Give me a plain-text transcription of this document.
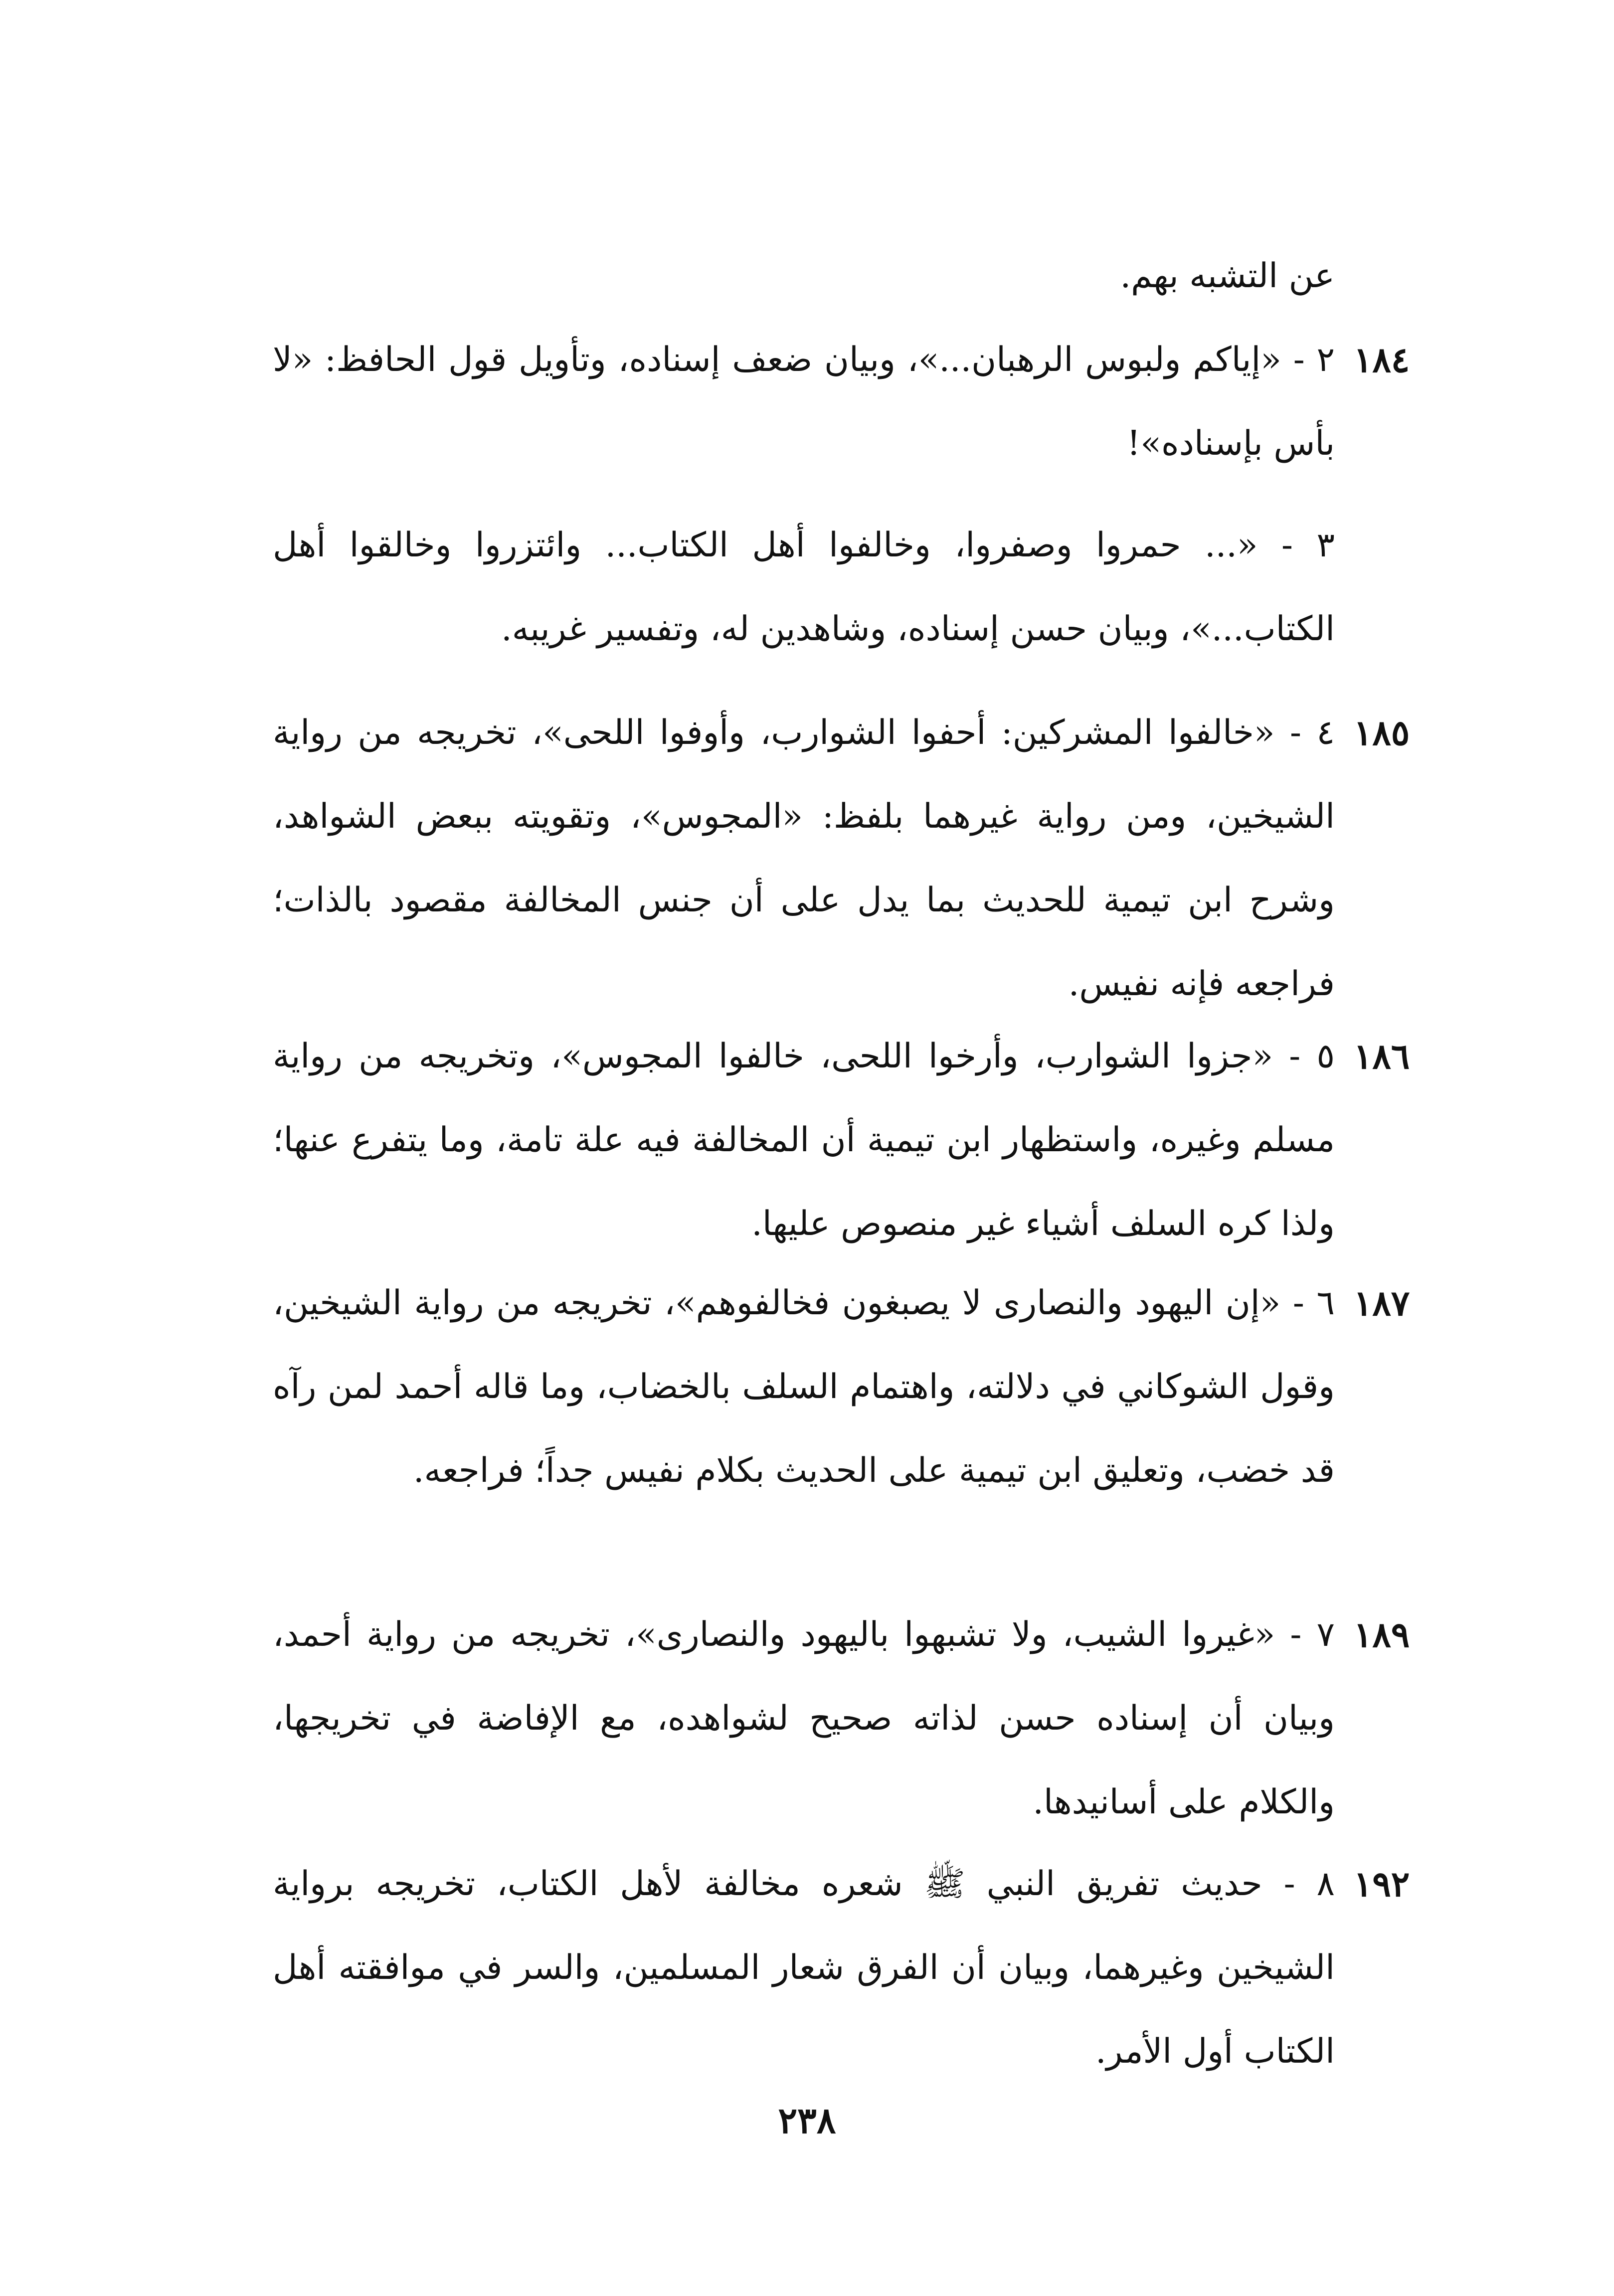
عن التشبه بهم.

١٨٤

٢ - «إياكم ولبوس الرهبان...»، وبيان ضعف إسناده، وتأويل قول الحافظ: «لا بأس بإسناده»!

٣ - «... حمروا وصفروا، وخالفوا أهل الكتاب... وائتزروا وخالقوا أهل الكتاب...»، وبيان حسن إسناده، وشاهدين له، وتفسير غريبه.

١٨٥

٤ - «خالفوا المشركين: أحفوا الشوارب، وأوفوا اللحى»، تخريجه من رواية الشيخين، ومن رواية غيرهما بلفظ: «المجوس»، وتقويته ببعض الشواهد، وشرح ابن تيمية للحديث بما يدل على أن جنس المخالفة مقصود بالذات؛ فراجعه فإنه نفيس.

١٨٦

٥ - «جزوا الشوارب، وأرخوا اللحى، خالفوا المجوس»، وتخريجه من رواية مسلم وغيره، واستظهار ابن تيمية أن المخالفة فيه علة تامة، وما يتفرع عنها؛ ولذا كره السلف أشياء غير منصوص عليها.

١٨٧

٦ - «إن اليهود والنصارى لا يصبغون فخالفوهم»، تخريجه من رواية الشيخين، وقول الشوكاني في دلالته، واهتمام السلف بالخضاب، وما قاله أحمد لمن رآه قد خضب، وتعليق ابن تيمية على الحديث بكلام نفيس جداً؛ فراجعه.

١٨٩

٧ - «غيروا الشيب، ولا تشبهوا باليهود والنصارى»، تخريجه من رواية أحمد، وبيان أن إسناده حسن لذاته صحيح لشواهده، مع الإفاضة في تخريجها، والكلام على أسانيدها.

١٩٢

٨ - حديث تفريق النبي ﷺ شعره مخالفة لأهل الكتاب، تخريجه برواية الشيخين وغيرهما، وبيان أن الفرق شعار المسلمين، والسر في موافقته أهل الكتاب أول الأمر.

٢٣٨
